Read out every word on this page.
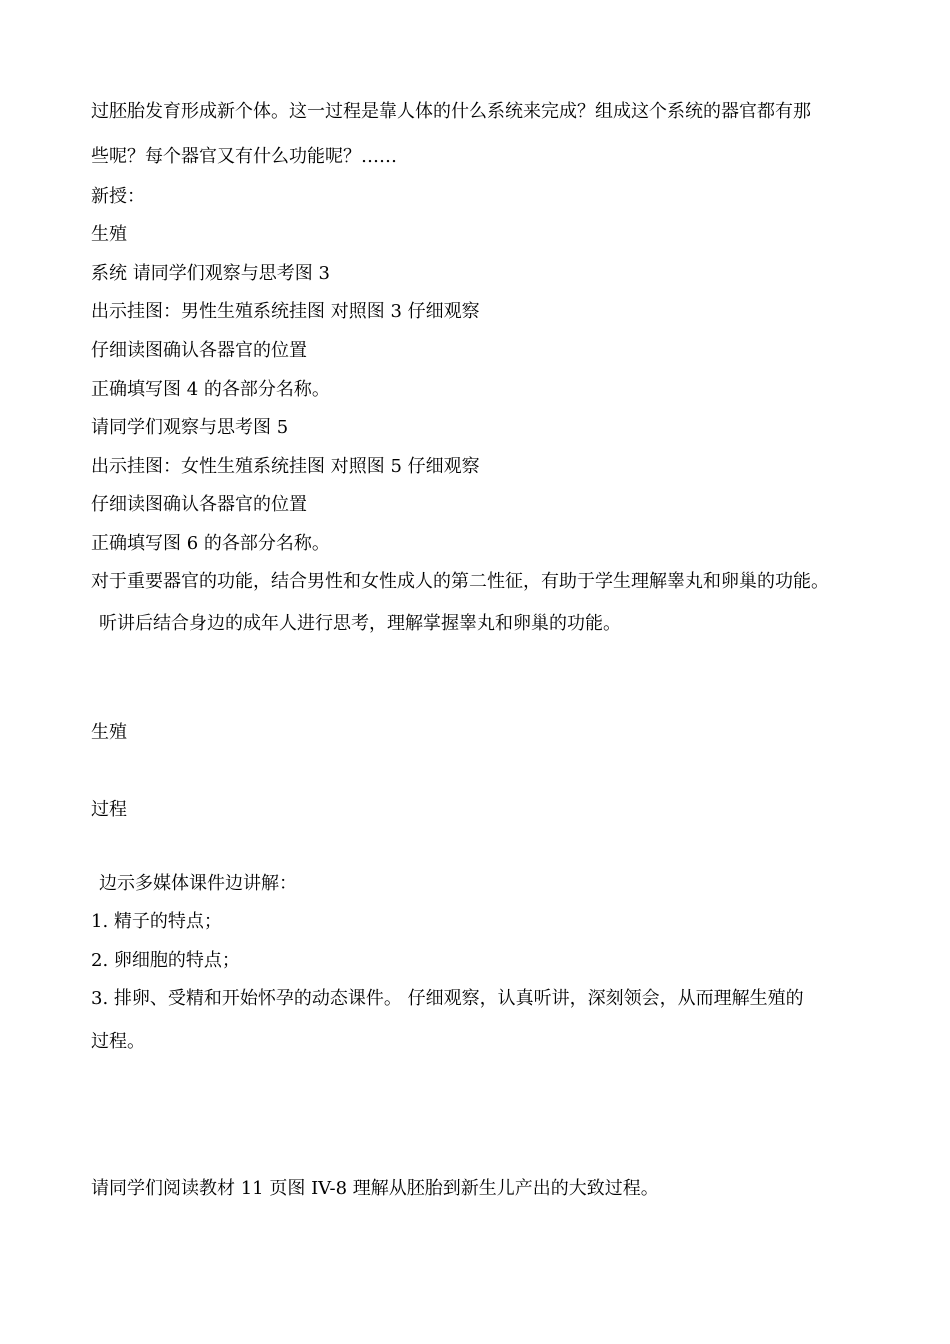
过胚胎发育形成新个体。这一过程是靠人体的什么系统来完成？组成这个系统的器官都有那
些呢？每个器官又有什么功能呢？……
新授：
生殖
系统 请同学们观察与思考图 3
出示挂图：男性生殖系统挂图 对照图 3 仔细观察
仔细读图确认各器官的位置
正确填写图 4 的各部分名称。
请同学们观察与思考图 5
出示挂图：女性生殖系统挂图 对照图 5 仔细观察
仔细读图确认各器官的位置
正确填写图 6 的各部分名称。
对于重要器官的功能，结合男性和女性成人的第二性征，有助于学生理解睾丸和卵巢的功能。
听讲后结合身边的成年人进行思考，理解掌握睾丸和卵巢的功能。
生殖
过程
边示多媒体课件边讲解：
1. 精子的特点；
2. 卵细胞的特点；
3. 排卵、受精和开始怀孕的动态课件。 仔细观察，认真听讲，深刻领会，从而理解生殖的
过程。
请同学们阅读教材 11 页图 IV-8 理解从胚胎到新生儿产出的大致过程。
